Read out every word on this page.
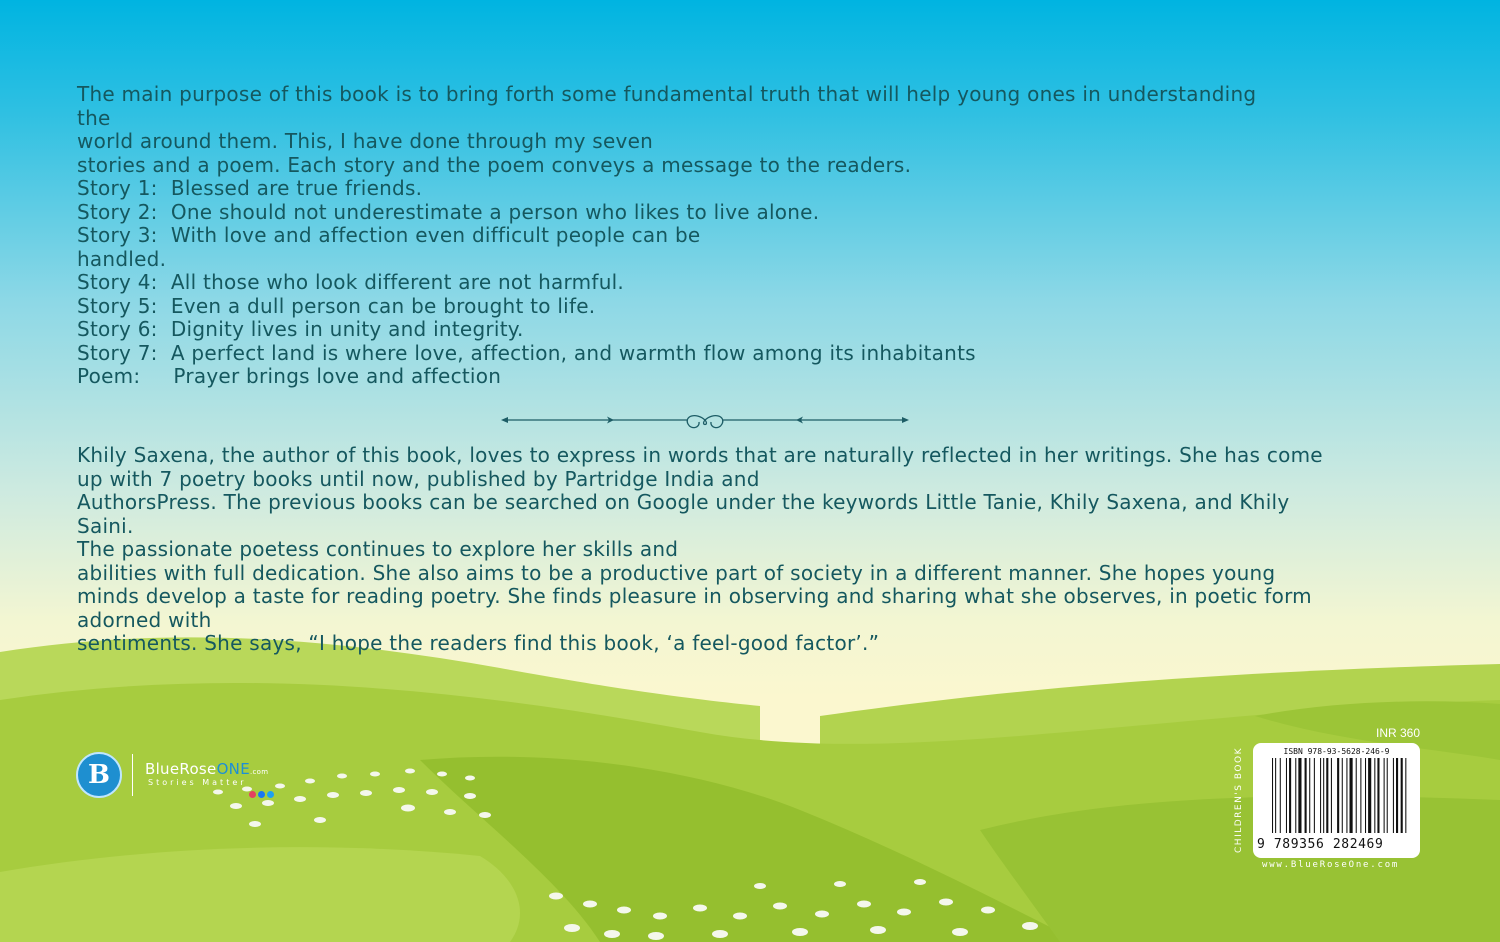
The main purpose of this book is to bring forth some fundamental truth that will help young ones in understanding
the
world around them. This, I have done through my seven
stories and a poem. Each story and the poem conveys a message to the readers.
Story 1:  Blessed are true friends.
Story 2:  One should not underestimate a person who likes to live alone.
Story 3:  With love and affection even difficult people can be
handled.
Story 4:  All those who look different are not harmful.
Story 5:  Even a dull person can be brought to life.
Story 6:  Dignity lives in unity and integrity.
Story 7:  A perfect land is where love, affection, and warmth flow among its inhabitants
Poem:     Prayer brings love and affection
Khily Saxena, the author of this book, loves to express in words that are naturally reflected in her writings. She has come
up with 7 poetry books until now, published by Partridge India and
AuthorsPress. The previous books can be searched on Google under the keywords Little Tanie, Khily Saxena, and Khily
Saini.
The passionate poetess continues to explore her skills and
abilities with full dedication. She also aims to be a productive part of society in a different manner. She hopes young
minds develop a taste for reading poetry. She finds pleasure in observing and sharing what she observes, in poetic form
adorned with
sentiments. She says, “I hope the readers find this book, ‘a feel-good factor’.”
B	BlueRoseONE.com
Stories Matter
INR 360
CHILDREN'S BOOK	ISBN 978-93-5628-246-9
9 789356 282469
www.BlueRoseOne.com
